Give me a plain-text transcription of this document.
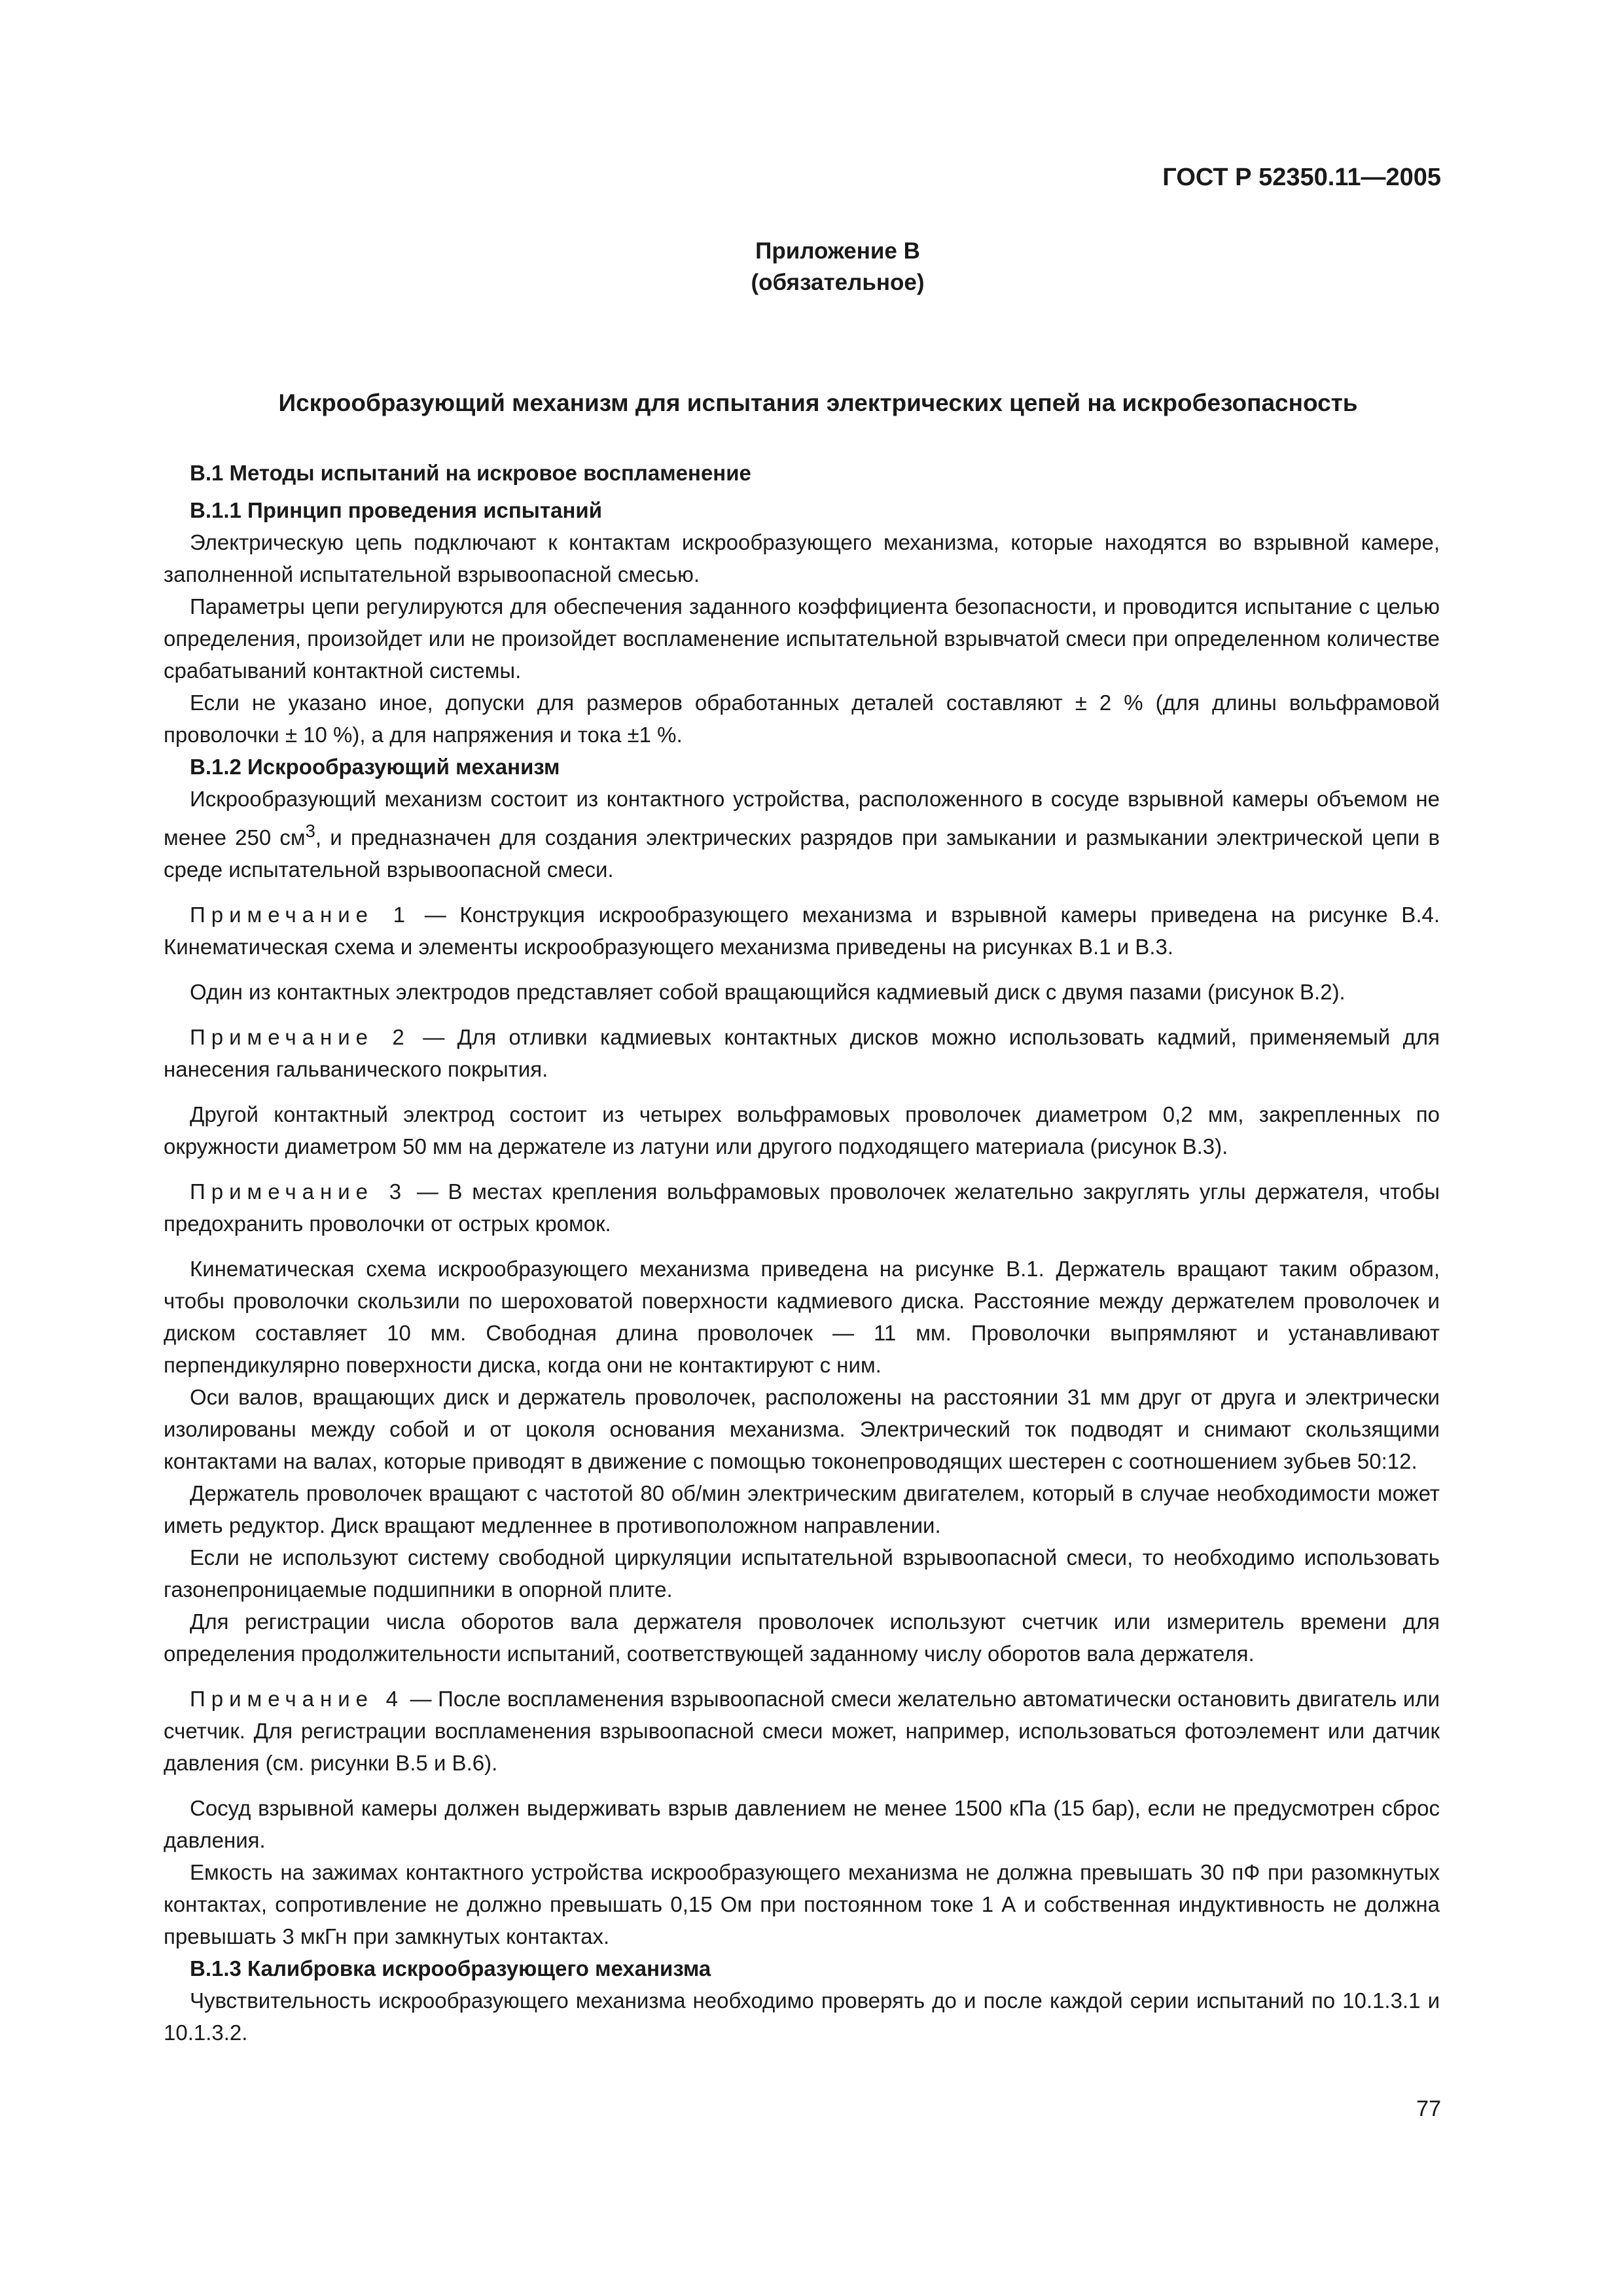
ГОСТ Р 52350.11—2005
Приложение В
(обязательное)
Искрообразующий механизм для испытания электрических цепей на искробезопасность

В.1 Методы испытаний на искровое воспламенение

В.1.1 Принцип проведения испытаний

Электрическую цепь подключают к контактам искрообразующего механизма, которые находятся во взрывной камере, заполненной испытательной взрывоопасной смесью.

Параметры цепи регулируются для обеспечения заданного коэффициента безопасности, и проводится испытание с целью определения, произойдет или не произойдет воспламенение испытательной взрывчатой смеси при определенном количестве срабатываний контактной системы.

Если не указано иное, допуски для размеров обработанных деталей составляют ± 2 % (для длины вольфрамовой проволочки ± 10 %), а для напряжения и тока ±1 %.

В.1.2 Искрообразующий механизм

Искрообразующий механизм состоит из контактного устройства, расположенного в сосуде взрывной камеры объемом не менее 250 $см^3$, и предназначен для создания электрических разрядов при замыкании и размыкании электрической цепи в среде испытательной взрывоопасной смеси.

Примечание 1 — Конструкция искрообразующего механизма и взрывной камеры приведена на рисунке В.4. Кинематическая схема и элементы искрообразующего механизма приведены на рисунках В.1 и В.3.

Один из контактных электродов представляет собой вращающийся кадмиевый диск с двумя пазами (рисунок В.2).

Примечание 2 — Для отливки кадмиевых контактных дисков можно использовать кадмий, применяемый для нанесения гальванического покрытия.

Другой контактный электрод состоит из четырех вольфрамовых проволочек диаметром 0,2 мм, закрепленных по окружности диаметром 50 мм на держателе из латуни или другого подходящего материала (рисунок В.3).

Примечание 3 — В местах крепления вольфрамовых проволочек желательно закруглять углы держателя, чтобы предохранить проволочки от острых кромок.

Кинематическая схема искрообразующего механизма приведена на рисунке В.1. Держатель вращают таким образом, чтобы проволочки скользили по шероховатой поверхности кадмиевого диска. Расстояние между держателем проволочек и диском составляет 10 мм. Свободная длина проволочек — 11 мм. Проволочки выпрямляют и устанавливают перпендикулярно поверхности диска, когда они не контактируют с ним.

Оси валов, вращающих диск и держатель проволочек, расположены на расстоянии 31 мм друг от друга и электрически изолированы между собой и от цоколя основания механизма. Электрический ток подводят и снимают скользящими контактами на валах, которые приводят в движение с помощью токонепроводящих шестерен с соотношением зубьев 50:12.

Держатель проволочек вращают с частотой 80 об/мин электрическим двигателем, который в случае необходимости может иметь редуктор. Диск вращают медленнее в противоположном направлении.

Если не используют систему свободной циркуляции испытательной взрывоопасной смеси, то необходимо использовать газонепроницаемые подшипники в опорной плите.

Для регистрации числа оборотов вала держателя проволочек используют счетчик или измеритель времени для определения продолжительности испытаний, соответствующей заданному числу оборотов вала держателя.

Примечание 4 — После воспламенения взрывоопасной смеси желательно автоматически остановить двигатель или счетчик. Для регистрации воспламенения взрывоопасной смеси может, например, использоваться фотоэлемент или датчик давления (см. рисунки В.5 и В.6).

Сосуд взрывной камеры должен выдерживать взрыв давлением не менее 1500 кПа (15 бар), если не предусмотрен сброс давления.

Емкость на зажимах контактного устройства искрообразующего механизма не должна превышать 30 пФ при разомкнутых контактах, сопротивление не должно превышать 0,15 Ом при постоянном токе 1 А и собственная индуктивность не должна превышать 3 мкГн при замкнутых контактах.

В.1.3 Калибровка искрообразующего механизма

Чувствительность искрообразующего механизма необходимо проверять до и после каждой серии испытаний по 10.1.3.1 и 10.1.3.2.

77
